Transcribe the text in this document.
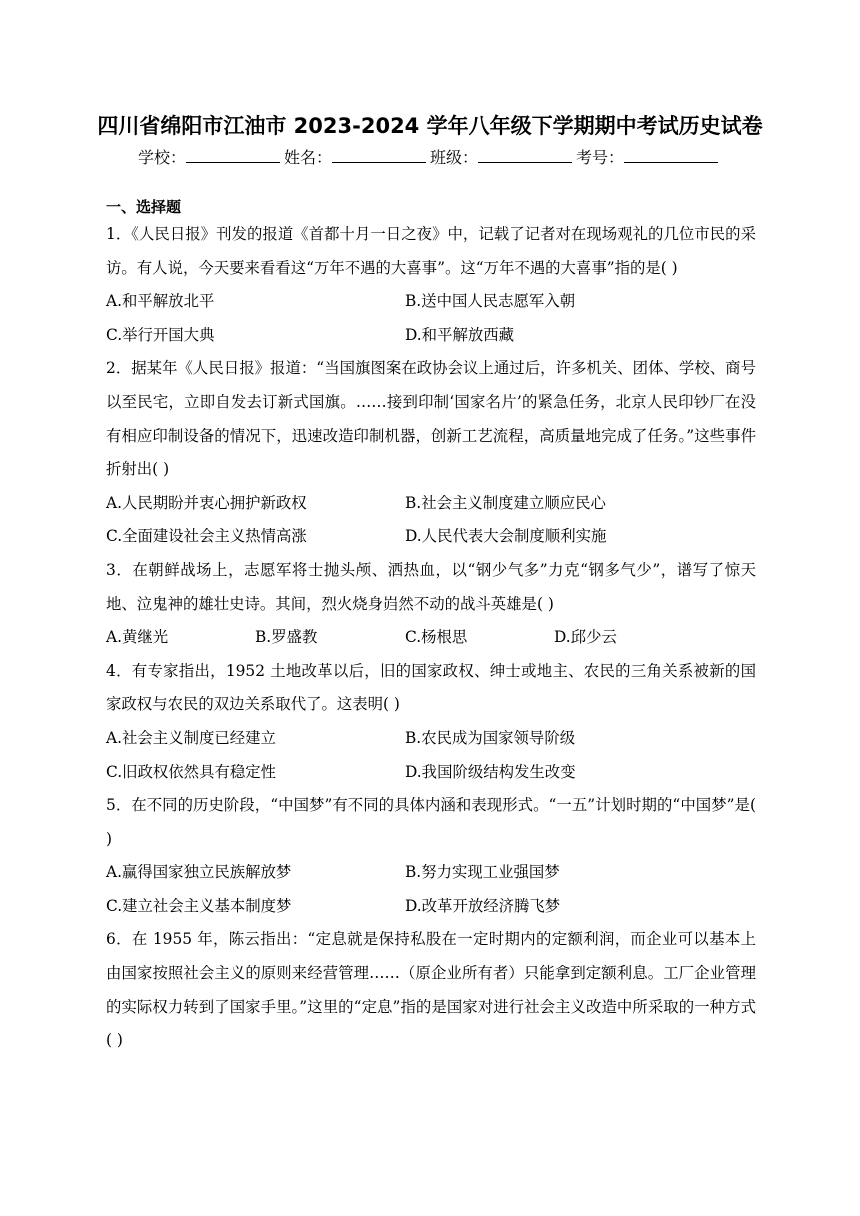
四川省绵阳市江油市 2023-2024 学年八年级下学期期中考试历史试卷
学校：	姓名：	班级：	考号：
一、选择题

1．《人民日报》刊发的报道《首都十月一日之夜》中，记载了记者对在现场观礼的几位市民的采访。有人说，今天要来看看这“万年不遇的大喜事”。这“万年不遇的大喜事”指的是( )

A.和平解放北平	B.送中国人民志愿军入朝
C.举行开国大典	D.和平解放西藏

2．据某年《人民日报》报道：“当国旗图案在政协会议上通过后，许多机关、团体、学校、商号以至民宅，立即自发去订新式国旗。……接到印制‘国家名片’的紧急任务，北京人民印钞厂在没有相应印制设备的情况下，迅速改造印制机器，创新工艺流程，高质量地完成了任务。”这些事件折射出( )

A.人民期盼并衷心拥护新政权	B.社会主义制度建立顺应民心
C.全面建设社会主义热情高涨	D.人民代表大会制度顺利实施

3．在朝鲜战场上，志愿军将士抛头颅、洒热血，以“钢少气多”力克“钢多气少”，谱写了惊天地、泣鬼神的雄壮史诗。其间，烈火烧身岿然不动的战斗英雄是( )

A.黄继光	B.罗盛教	C.杨根思	D.邱少云

4．有专家指出，1952 土地改革以后，旧的国家政权、绅士或地主、农民的三角关系被新的国家政权与农民的双边关系取代了。这表明( )

A.社会主义制度已经建立	B.农民成为国家领导阶级
C.旧政权依然具有稳定性	D.我国阶级结构发生改变

5．在不同的历史阶段，“中国梦”有不同的具体内涵和表现形式。“一五”计划时期的“中国梦”是( )

A.赢得国家独立民族解放梦	B.努力实现工业强国梦
C.建立社会主义基本制度梦	D.改革开放经济腾飞梦

6．在 1955 年，陈云指出：“定息就是保持私股在一定时期内的定额利润，而企业可以基本上由国家按照社会主义的原则来经营管理……（原企业所有者）只能拿到定额利息。工厂企业管理的实际权力转到了国家手里。”这里的“定息”指的是国家对进行社会主义改造中所采取的一种方式( )
